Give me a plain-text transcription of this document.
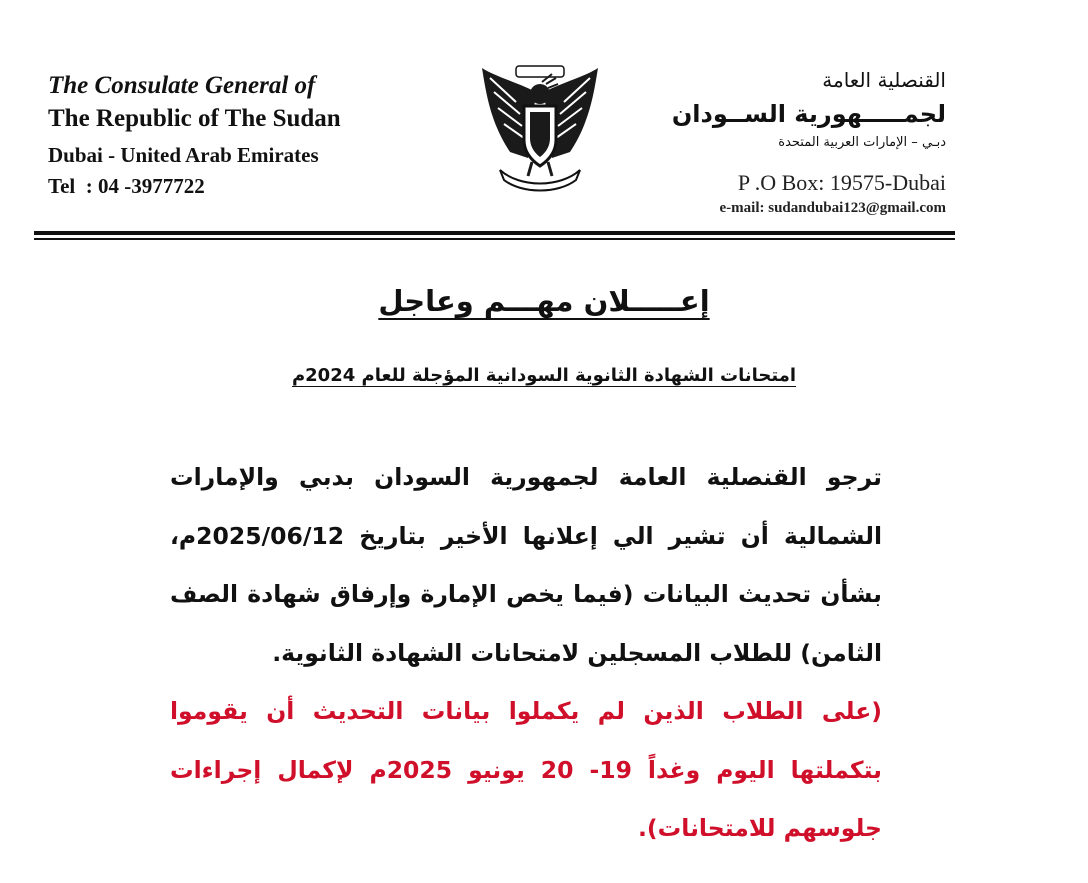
The Consulate General of
The Republic of The Sudan
Dubai - United Arab Emirates
Tel  : 04 -3977722
القنصلية العامة
لجمـــــهورية الســودان
دبـي – الإمارات العربية المتحدة
P .O Box: 19575-Dubai
e-mail: sudandubai123@gmail.com
إعـــــلان مهـــم وعاجل
امتحانات الشهادة الثانوية السودانية المؤجلة للعام 2024م
ترجو القنصلية العامة لجمهورية السودان بدبي والإمارات الشمالية أن تشير الي إعلانها الأخير بتاريخ 2025/06/12م، بشأن تحديث البيانات (فيما يخص الإمارة وإرفاق شهادة الصف الثامن) للطلاب المسجلين لامتحانات الشهادة الثانوية.
(على الطلاب الذين لم يكملوا بيانات التحديث أن يقوموا بتكملتها اليوم وغداً 19- 20 يونيو 2025م لإكمال إجراءات جلوسهم للامتحانات).
